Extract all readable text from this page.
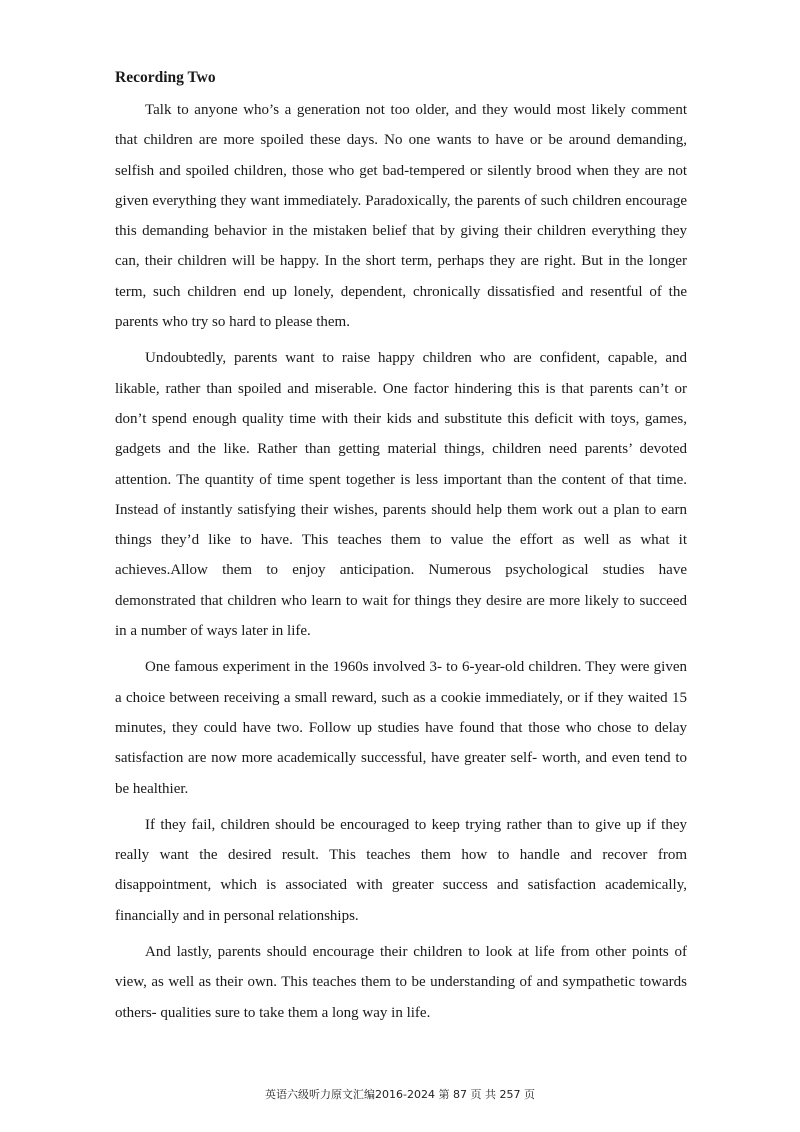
Recording Two

Talk to anyone who’s a generation not too older, and they would most likely comment that children are more spoiled these days. No one wants to have or be around demanding, selfish and spoiled children, those who get bad-tempered or silently brood when they are not given everything they want immediately. Paradoxically, the parents of such children encourage this demanding behavior in the mistaken belief that by giving their children everything they can, their children will be happy. In the short term, perhaps they are right. But in the longer term, such children end up lonely, dependent, chronically dissatisfied and resentful of the parents who try so hard to please them.

Undoubtedly, parents want to raise happy children who are confident, capable, and likable, rather than spoiled and miserable. One factor hindering this is that parents can’t or don’t spend enough quality time with their kids and substitute this deficit with toys, games, gadgets and the like. Rather than getting material things, children need parents’ devoted attention. The quantity of time spent together is less important than the content of that time. Instead of instantly satisfying their wishes, parents should help them work out a plan to earn things they’d like to have. This teaches them to value the effort as well as what it achieves.Allow them to enjoy anticipation. Numerous psychological studies have demonstrated that children who learn to wait for things they desire are more likely to succeed in a number of ways later in life.

One famous experiment in the 1960s involved 3- to 6-year-old children. They were given a choice between receiving a small reward, such as a cookie immediately, or if they waited 15 minutes, they could have two. Follow up studies have found that those who chose to delay satisfaction are now more academically successful, have greater self- worth, and even tend to be healthier.

If they fail, children should be encouraged to keep trying rather than to give up if they really want the desired result. This teaches them how to handle and recover from disappointment, which is associated with greater success and satisfaction academically, financially and in personal relationships.

And lastly, parents should encourage their children to look at life from other points of view, as well as their own. This teaches them to be understanding of and sympathetic towards others- qualities sure to take them a long way in life.

英语六级听力原文汇编2016-2024 第 87 页 共 257 页
